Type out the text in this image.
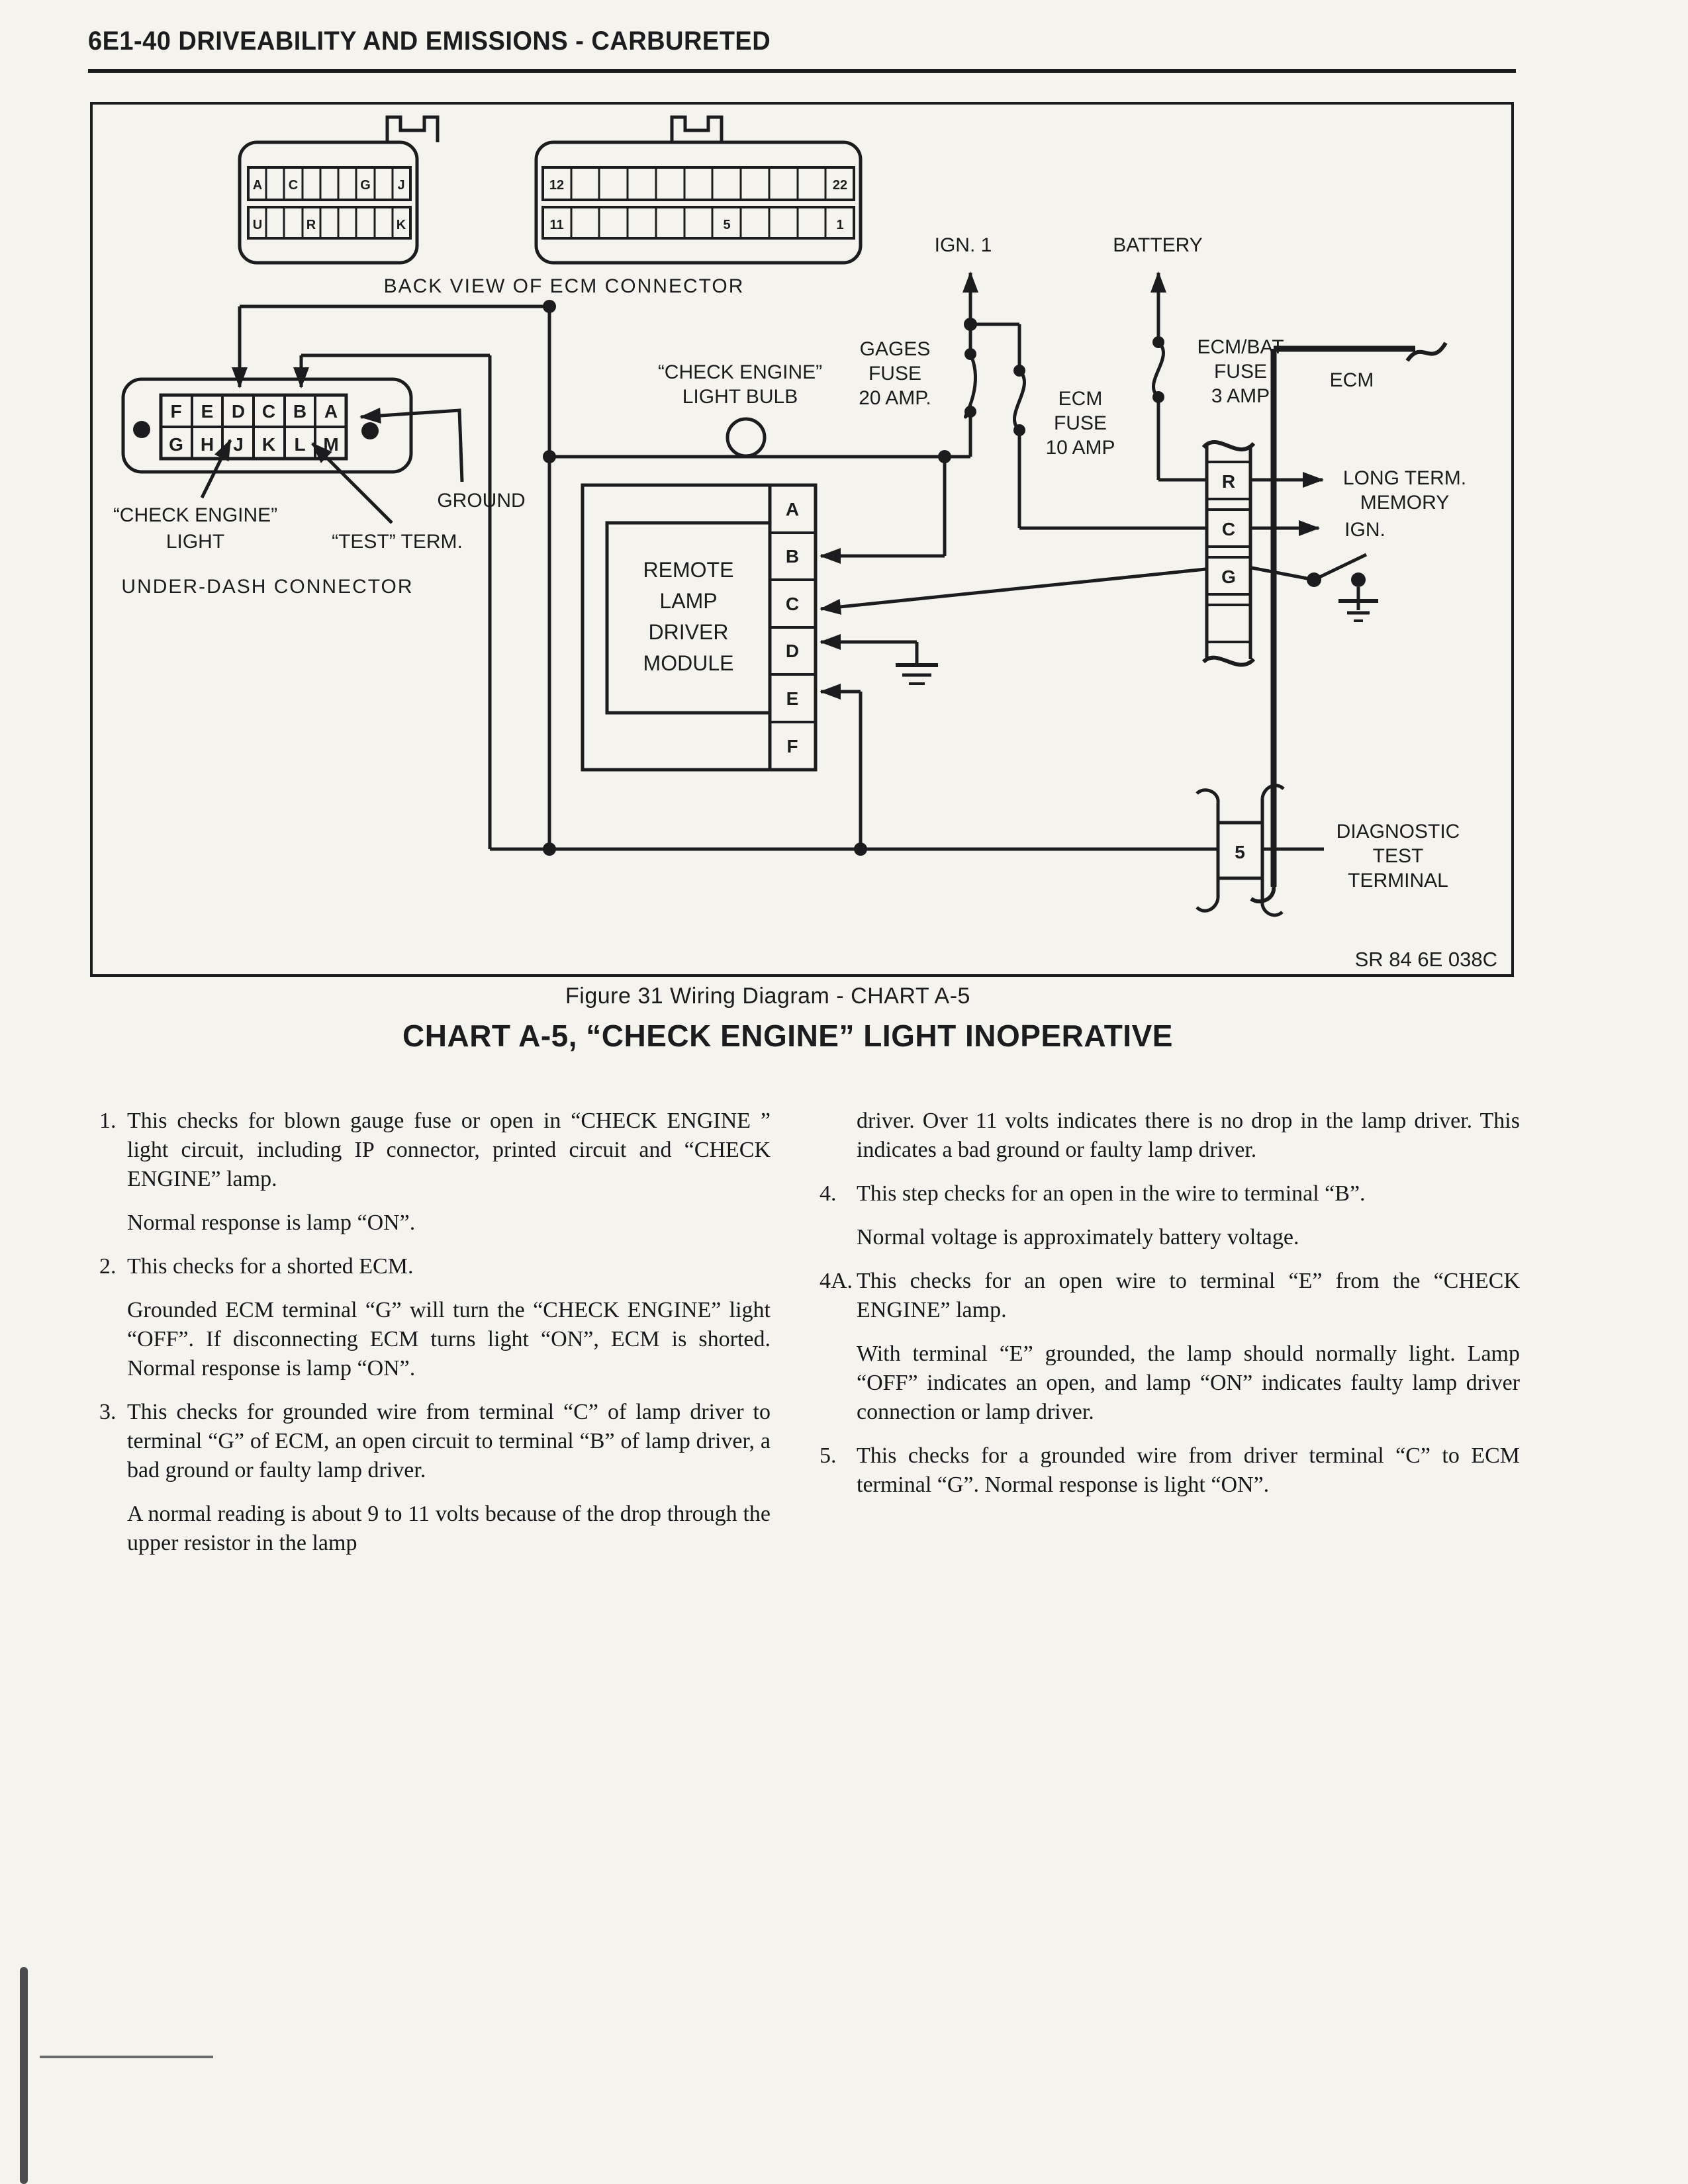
6E1-40 DRIVEABILITY AND EMISSIONS - CARBURETED
A C	G J
U	R	K
12	22
11	5	1
BACK VIEW OF ECM CONNECTOR
F E D C B A
G H J K L M
“CHECK ENGINE”
LIGHT
GROUND
“TEST” TERM.
UNDER-DASH CONNECTOR
A
B
C
D
E
F
REMOTE
LAMP
DRIVER
MODULE
R
C
G
5
IGN. 1	BATTERY
GAGES
FUSE
20 AMP.	ECM
FUSE
10 AMP
ECM/BAT
FUSE
3 AMP
“CHECK ENGINE”
LIGHT BULB
ECM
LONG TERM.
MEMORY
IGN.
DIAGNOSTIC
TEST
TERMINAL
SR 84 6E 038C
Figure 31 Wiring Diagram - CHART A-5
CHART A-5, “CHECK ENGINE” LIGHT INOPERATIVE
1. This checks for blown gauge fuse or open in “CHECK ENGINE ” light circuit, including IP connector, printed circuit and “CHECK ENGINE” lamp.
Normal response is lamp “ON”.
2. This checks for a shorted ECM.
Grounded ECM terminal “G” will turn the “CHECK ENGINE” light “OFF”. If disconnecting ECM turns light “ON”, ECM is shorted. Normal response is lamp “ON”.
3. This checks for grounded wire from terminal “C” of lamp driver to terminal “G” of ECM, an open circuit to terminal “B” of lamp driver, a bad ground or faulty lamp driver.
A normal reading is about 9 to 11 volts because of the drop through the upper resistor in the lamp
driver. Over 11 volts indicates there is no drop in the lamp driver. This indicates a bad ground or faulty lamp driver.
4. This step checks for an open in the wire to terminal “B”.
Normal voltage is approximately battery voltage.
4A. This checks for an open wire to terminal “E” from the “CHECK ENGINE” lamp.
With terminal “E” grounded, the lamp should normally light. Lamp “OFF” indicates an open, and lamp “ON” indicates faulty lamp driver connection or lamp driver.
5. This checks for a grounded wire from driver terminal “C” to ECM terminal “G”. Normal response is light “ON”.
